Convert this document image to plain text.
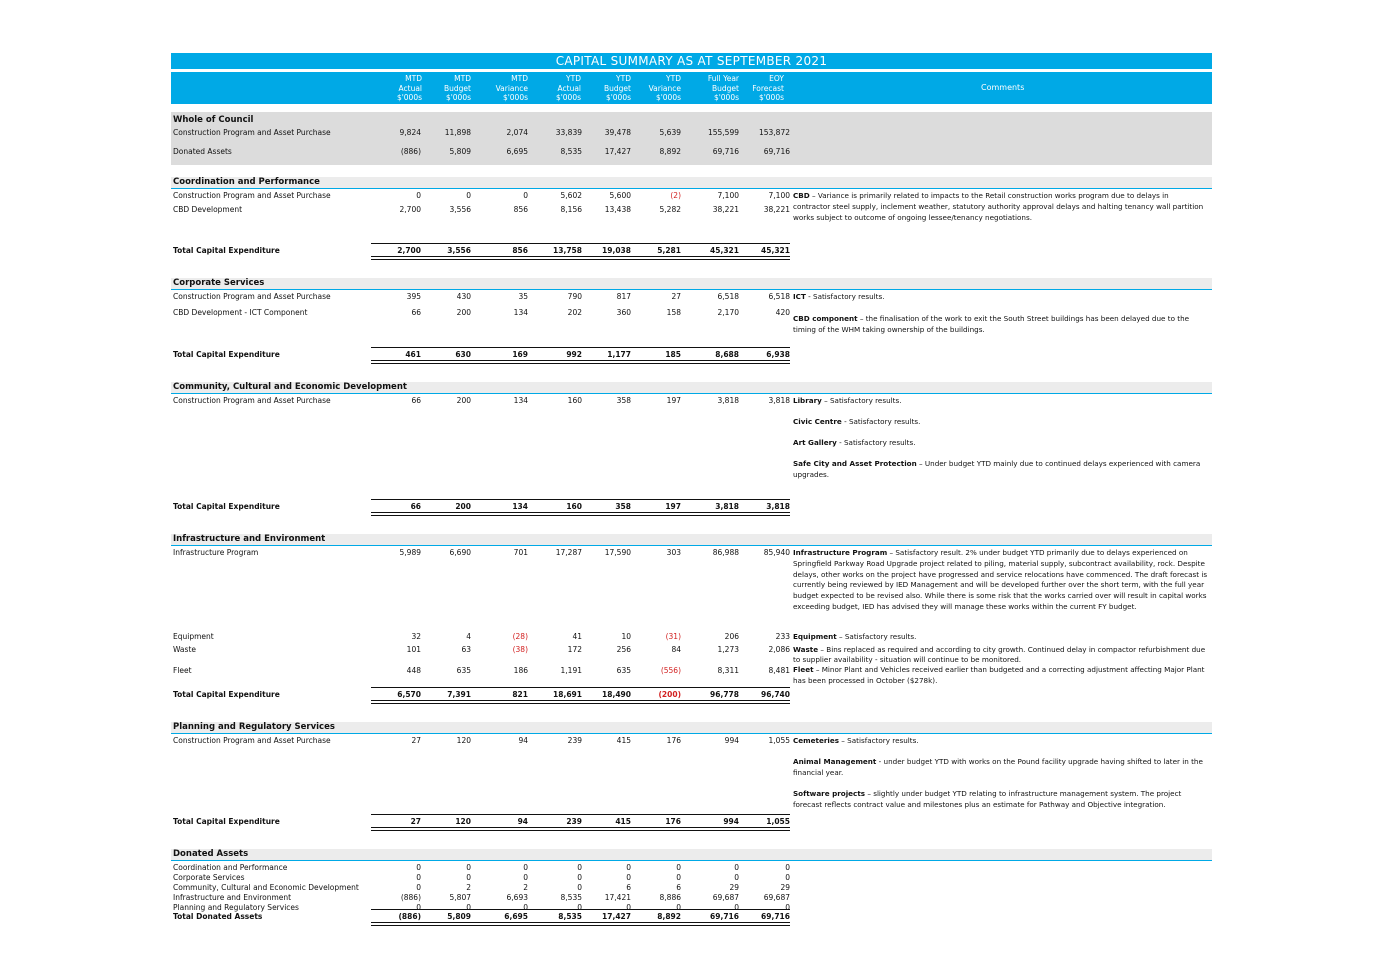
CAPITAL SUMMARY AS AT SEPTEMBER 2021
MTD
Actual
$'000s
MTD
Budget
$'000s
MTD
Variance
$'000s
YTD
Actual
$'000s
YTD
Budget
$'000s
YTD
Variance
$'000s
Full Year
Budget
$'000s
EOY
Forecast
$'000s
Comments
Whole of Council
Construction Program and Asset Purchase	9,824	11,898	2,074	33,839	39,478	5,639	155,599	153,872
Donated Assets	(886)	5,809	6,695	8,535	17,427	8,892	69,716	69,716
Coordination and Performance
Construction Program and Asset Purchase	0	0	0	5,602	5,600	(2)	7,100	7,100
CBD Development	2,700	3,556	856	8,156	13,438	5,282	38,221	38,221
Total Capital Expenditure	2,700	3,556	856	13,758	19,038	5,281	45,321	45,321
CBD – Variance is primarily related to impacts to the Retail construction works program due to delays in contractor steel supply, inclement weather, statutory authority approval delays and halting tenancy wall partition works subject to outcome of ongoing lessee/tenancy negotiations.
Corporate Services
Construction Program and Asset Purchase	395	430	35	790	817	27	6,518	6,518
CBD Development - ICT Component	66	200	134	202	360	158	2,170	420
Total Capital Expenditure	461	630	169	992	1,177	185	8,688	6,938
ICT - Satisfactory results.
CBD component – the finalisation of the work to exit the South Street buildings has been delayed due to the timing of the WHM taking ownership of the buildings.
Community, Cultural and Economic Development
Construction Program and Asset Purchase	66	200	134	160	358	197	3,818	3,818
Total Capital Expenditure	66	200	134	160	358	197	3,818	3,818
Library – Satisfactory results.
Civic Centre - Satisfactory results.
Art Gallery - Satisfactory results.
Safe City and Asset Protection – Under budget YTD mainly due to continued delays experienced with camera upgrades.
Infrastructure and Environment
Infrastructure Program	5,989	6,690	701	17,287	17,590	303	86,988	85,940
Equipment	32	4	(28)	41	10	(31)	206	233
Waste	101	63	(38)	172	256	84	1,273	2,086
Fleet	448	635	186	1,191	635	(556)	8,311	8,481
Total Capital Expenditure	6,570	7,391	821	18,691	18,490	(200)	96,778	96,740
Infrastructure Program – Satisfactory result. 2% under budget YTD primarily due to delays experienced on Springfield Parkway Road Upgrade project related to piling, material supply, subcontract availability, rock. Despite delays, other works on the project have progressed and service relocations have commenced. The draft forecast is currently being reviewed by IED Management and will be developed further over the short term, with the full year budget expected to be revised also. While there is some risk that the works carried over will result in capital works exceeding budget, IED has advised they will manage these works within the current FY budget.
Equipment – Satisfactory results.
Waste – Bins replaced as required and according to city growth. Continued delay in compactor refurbishment due to supplier availability - situation will continue to be monitored.
Fleet – Minor Plant and Vehicles received earlier than budgeted and a correcting adjustment affecting Major Plant has been processed in October ($278k).
Planning and Regulatory Services
Construction Program and Asset Purchase	27	120	94	239	415	176	994	1,055
Total Capital Expenditure	27	120	94	239	415	176	994	1,055
Cemeteries – Satisfactory results.
Animal Management - under budget YTD with works on the Pound facility upgrade having shifted to later in the financial year.
Software projects – slightly under budget YTD relating to infrastructure management system. The project forecast reflects contract value and milestones plus an estimate for Pathway and Objective integration.
Donated Assets
Coordination and Performance	0	0	0	0	0	0	0	0
Corporate Services	0	0	0	0	0	0	0	0
Community, Cultural and Economic Development	0	2	2	0	6	6	29	29
Infrastructure and Environment	(886)	5,807	6,693	8,535	17,421	8,886	69,687	69,687
Planning and Regulatory Services	0	0	0	0	0	0	0	0
Total Donated Assets	(886)	5,809	6,695	8,535	17,427	8,892	69,716	69,716
